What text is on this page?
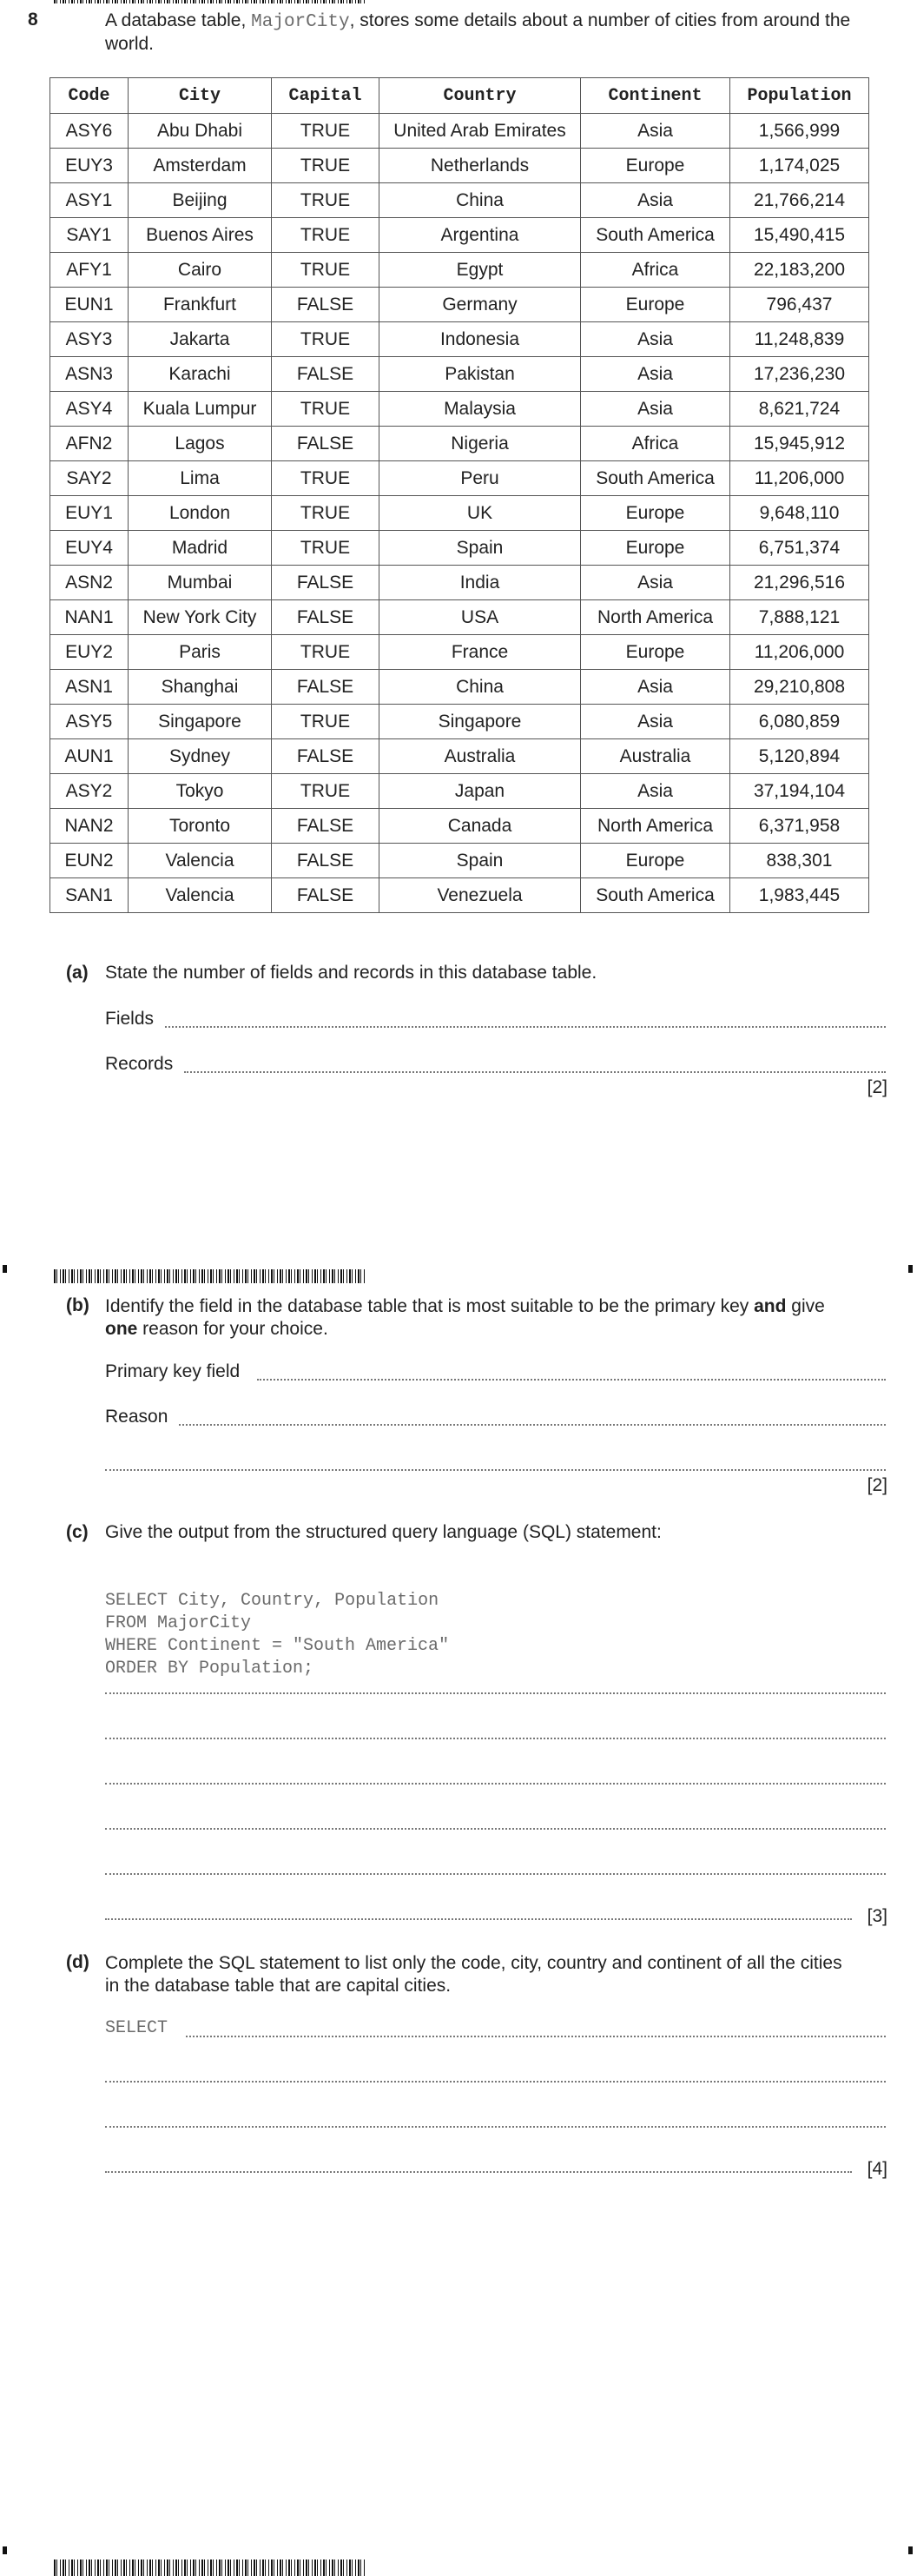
8	A database table, MajorCity, stores some details about a number of cities from around the
world.
Code	City	Capital	Country	Continent	Population
ASY6	Abu Dhabi	TRUE	United Arab Emirates	Asia	1,566,999
EUY3	Amsterdam	TRUE	Netherlands	Europe	1,174,025
ASY1	Beijing	TRUE	China	Asia	21,766,214
SAY1	Buenos Aires	TRUE	Argentina	South America	15,490,415
AFY1	Cairo	TRUE	Egypt	Africa	22,183,200
EUN1	Frankfurt	FALSE	Germany	Europe	796,437
ASY3	Jakarta	TRUE	Indonesia	Asia	11,248,839
ASN3	Karachi	FALSE	Pakistan	Asia	17,236,230
ASY4	Kuala Lumpur	TRUE	Malaysia	Asia	8,621,724
AFN2	Lagos	FALSE	Nigeria	Africa	15,945,912
SAY2	Lima	TRUE	Peru	South America	11,206,000
EUY1	London	TRUE	UK	Europe	9,648,110
EUY4	Madrid	TRUE	Spain	Europe	6,751,374
ASN2	Mumbai	FALSE	India	Asia	21,296,516
NAN1	New York City	FALSE	USA	North America	7,888,121
EUY2	Paris	TRUE	France	Europe	11,206,000
ASN1	Shanghai	FALSE	China	Asia	29,210,808
ASY5	Singapore	TRUE	Singapore	Asia	6,080,859
AUN1	Sydney	FALSE	Australia	Australia	5,120,894
ASY2	Tokyo	TRUE	Japan	Asia	37,194,104
NAN2	Toronto	FALSE	Canada	North America	6,371,958
EUN2	Valencia	FALSE	Spain	Europe	838,301
SAN1	Valencia	FALSE	Venezuela	South America	1,983,445
(a) State the number of fields and records in this database table.
Fields
Records
[2]
(b) Identify the field in the database table that is most suitable to be the primary key and give
one reason for your choice.
Primary key field
Reason
[2]
(c) Give the output from the structured query language (SQL) statement:

SELECT City, Country, Population
FROM MajorCity
WHERE Continent = "South America"
ORDER BY Population;
[3]
(d) Complete the SQL statement to list only the code, city, country and continent of all the cities
in the database table that are capital cities.
SELECT
[4]
